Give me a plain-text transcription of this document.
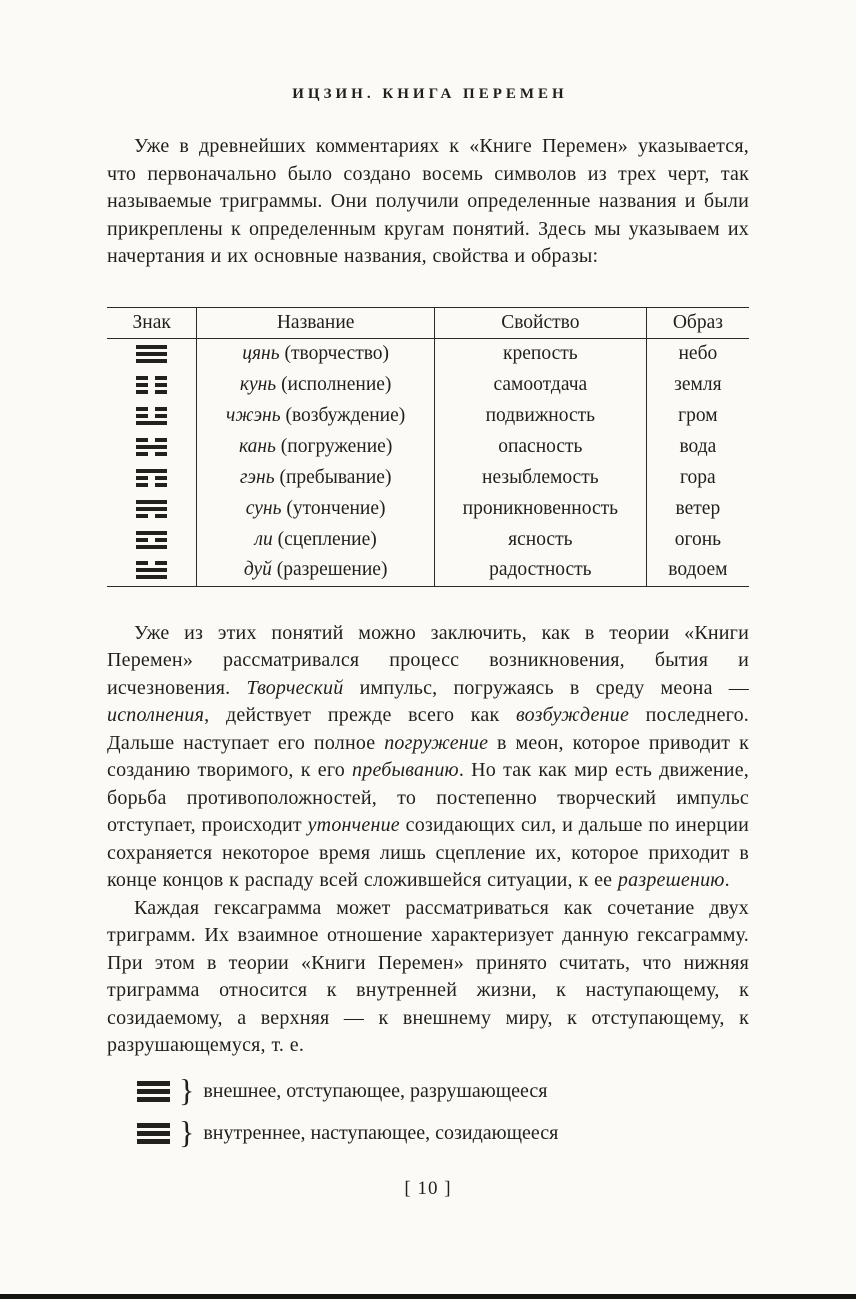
ИЦЗИН. КНИГА ПЕРЕМЕН

Уже в древнейших комментариях к «Книге Перемен» указывается, что первоначально было создано восемь символов из трех черт, так называемые триграммы. Они получили определенные названия и были прикреплены к определенным кругам понятий. Здесь мы указываем их начертания и их основные названия, свойства и образы:

Знак	Название	Свойство	Образ

	цянь (творчество)	крепость	небо

	кунь (исполнение)	самоотдача	земля

	чжэнь (возбуждение)	подвижность	гром

	кань (погружение)	опасность	вода

	гэнь (пребывание)	незыблемость	гора

	сунь (утончение)	проникновенность	ветер

	ли (сцепление)	ясность	огонь

	дуй (разрешение)	радостность	водоем

Уже из этих понятий можно заключить, как в теории «Книги Перемен» рассматривался процесс возникновения, бытия и исчезновения. Творческий импульс, погружаясь в среду меона — исполнения, действует прежде всего как возбуждение последнего. Дальше наступает его полное погружение в меон, которое приводит к созданию творимого, к его пребыванию. Но так как мир есть движение, борьба противоположностей, то постепенно творческий импульс отступает, происходит утончение созидающих сил, и дальше по инерции сохраняется некоторое время лишь сцепление их, которое приходит в конце концов к распаду всей сложившейся ситуации, к ее разрешению.

Каждая гексаграмма может рассматриваться как сочетание двух триграмм. Их взаимное отношение характеризует данную гексаграмму. При этом в теории «Книги Перемен» принято считать, что нижняя триграмма относится к внутренней жизни, к наступающему, к созидаемому, а верхняя — к внешнему миру, к отступающему, к разрушающемуся, т. е.

} внешнее, отступающее, разрушающееся
} внутреннее, наступающее, созидающееся
[ 10 ]
